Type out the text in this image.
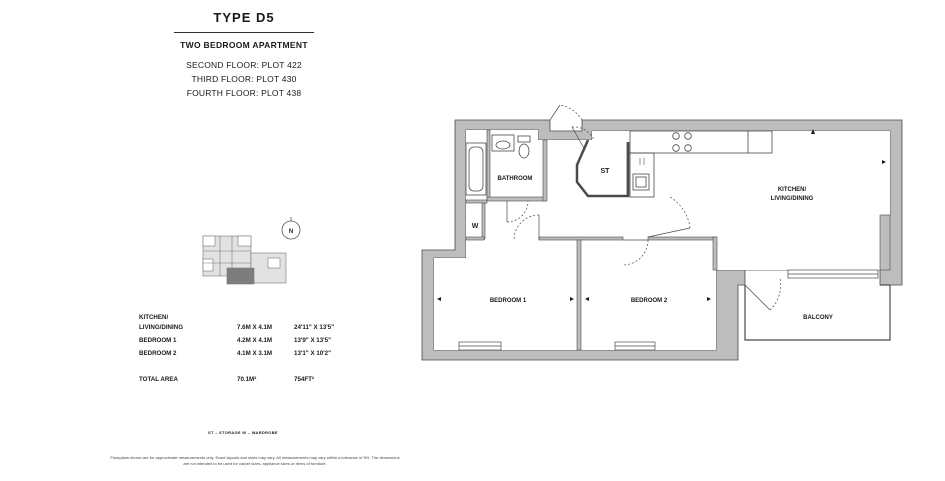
TYPE D5
TWO BEDROOM APARTMENT
SECOND FLOOR: PLOT 422
THIRD FLOOR: PLOT 430
FOURTH FLOOR: PLOT 438
KITCHEN/
LIVING/DINING	7.6M X 4.1M	24'11" X 13'5"
BEDROOM 1	4.2M X 4.1M	13'9" X 13'5"
BEDROOM 2	4.1M X 3.1M	13'1" X 10'2"
TOTAL AREA	70.1M²	754FT²
ST – STORAGE W – WARDROBE
Floorplans shown are for approximate measurements only. Exact layouts and sizes may vary. All measurements may vary within a tolerance of 5%. The dimensions are not intended to be used for carpet sizes, appliance sizes or items of furniture.
N
BATHROOM
ST
W
KITCHEN/
LIVING/DINING
BEDROOM 1	BEDROOM 2
BALCONY
